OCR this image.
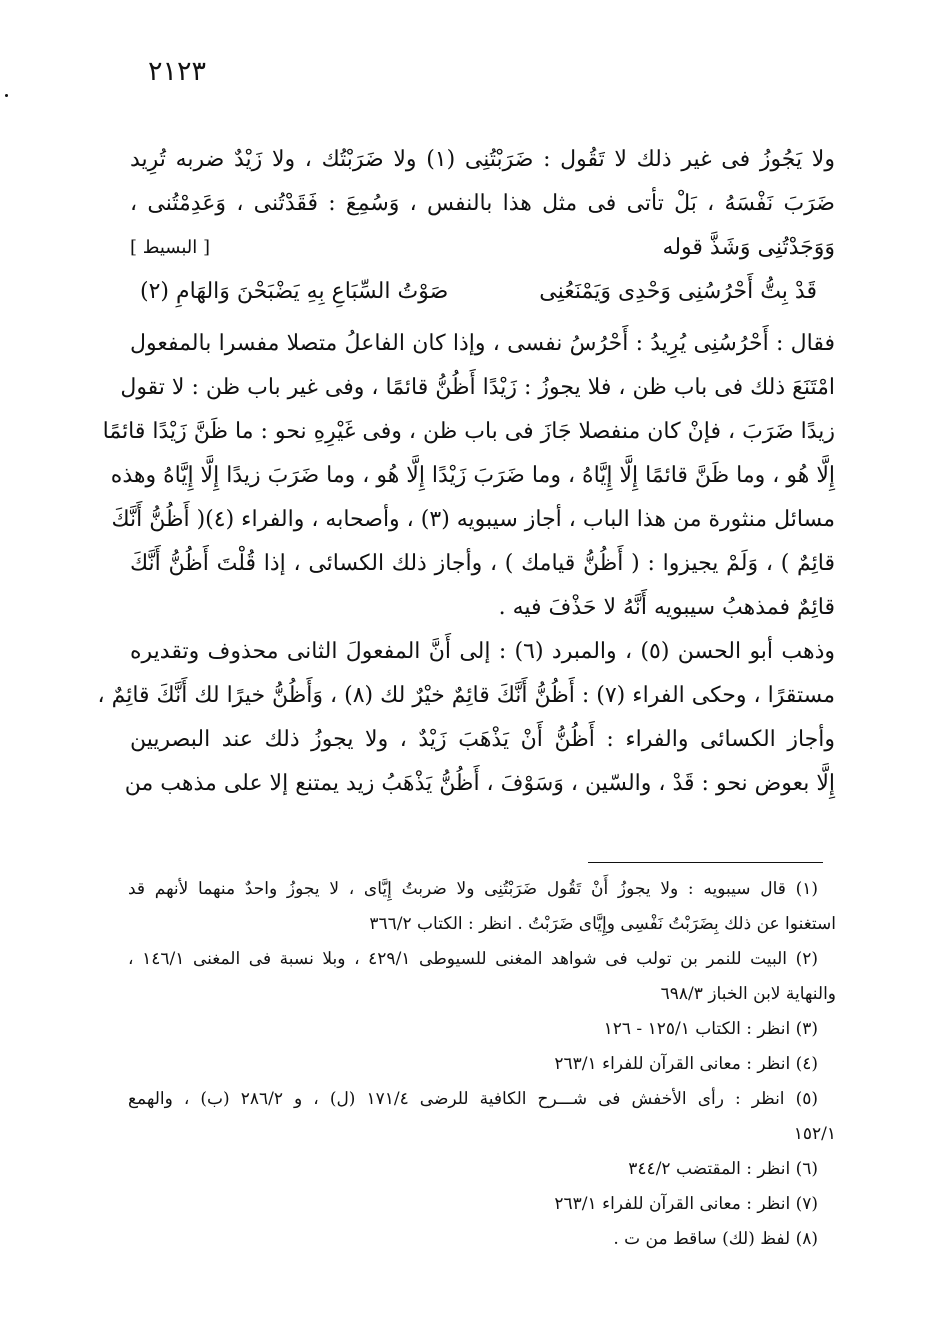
٢١٢٣
ولا يَجُوزُ فى غير ذلك لا تَقُول : ضَرَبْتُنِى (١) ولا ضَرَبْتُك ، ولا زَيْدٌ ضربه تُرِيد
ضَرَبَ نَفْسَهُ ، بَلْ تأتى فى مثل هذا بالنفس ، وَسُمِعَ : فَقَدْتُنى ، وَعَدِمْتُنى ،
وَوَجَدْتُنِى وَشَذَّ قوله
[ البسيط ]
قَدْ بِتُّ أَحْرُسُنِى وَحْدِى وَيَمْنَعُنِى
صَوْتُ السِّبَاعِ بِهِ يَضْبَحْنَ وَالهَامِ (٢)
فقال : أَحْرُسُنِى يُرِيدُ : أَحْرُسُ نفسى ، وإذا كان الفاعلُ متصلا مفسرا بالمفعول
امْتَنَعَ ذلك فى باب ظن ، فلا يجوزُ : زَيْدًا أَظُنُّ قائمًا ، وفى غير باب ظن : لا تقول
زيدًا ضَرَبَ ، فإنْ كان منفصلا جَازَ فى باب ظن ، وفى غَيْرِهِ نحو : ما ظَنَّ زَيْدًا قائمًا
إِلَّا هُو ، وما ظَنَّ قائمًا إِلَّا إِيَّاهُ ، وما ضَرَبَ زَيْدًا إِلَّا هُو ، وما ضَرَبَ زيدًا إِلَّا إِيَّاهُ وهذه
مسائل منثورة من هذا الباب ، أجاز سيبويه (٣) ، وأصحابه ، والفراء (٤)( أَظُنُّ أَنَّكَ
قائِمٌ ) ، وَلَمْ يجيزوا : ( أَظُنُّ قيامك ) ، وأجاز ذلك الكسائى ، إذا قُلْتَ أَظُنُّ أَنَّكَ
قائِمٌ فمذهبُ سيبويه أَنَّهُ لا حَذْفَ فيه .
وذهب أبو الحسن (٥) ، والمبرد (٦) : إلى أَنَّ المفعولَ الثانى محذوف وتقديره
مستقرًا ، وحكى الفراء (٧) : أَظُنُّ أَنَّكَ قائِمٌ خيْرٌ لك (٨) ، وَأَظُنُّ خيرًا لك أَنَّكَ قائِمٌ ،
وأجاز الكسائى والفراء : أَظُنُّ أَنْ يَذْهَبَ زَيْدٌ ، ولا يجوزُ ذلك عند البصريين
إِلَّا بعوض نحو : قَدْ ، والسّين ، وَسَوْفَ ، أَظُنُّ يَذْهَبُ زيد يمتنع إلا على مذهب من
(١) قال سيبويه : ولا يجوزُ أَنْ تَقُول ضَرَبْتُنِى ولا ضربتُ إِيَّاى ، لا يجوزُ واحدٌ منهما لأنهم قد
استغنوا عن ذلك بِضَرَبْتُ نَفْسِى وإِيَّاى ضَرَبْتُ . انظر : الكتاب ٣٦٦/٢
(٢) البيت للنمر بن تولب فى شواهد المغنى للسيوطى ٤٢٩/١ ، وبلا نسبة فى المغنى ١٤٦/١ ،
والنهاية لابن الخباز ٦٩٨/٣
(٣) انظر : الكتاب ١٢٥/١ - ١٢٦
(٤) انظر : معانى القرآن للفراء ٢٦٣/١
(٥) انظر : رأى الأخفش فى شـــرح الكافية للرضى ١٧١/٤ (ل) ، و ٢٨٦/٢ (ب) ، والهمع
١٥٢/١
(٦) انظر : المقتضب ٣٤٤/٢
(٧) انظر : معانى القرآن للفراء ٢٦٣/١
(٨) لفظ (لك) ساقط من ت .
